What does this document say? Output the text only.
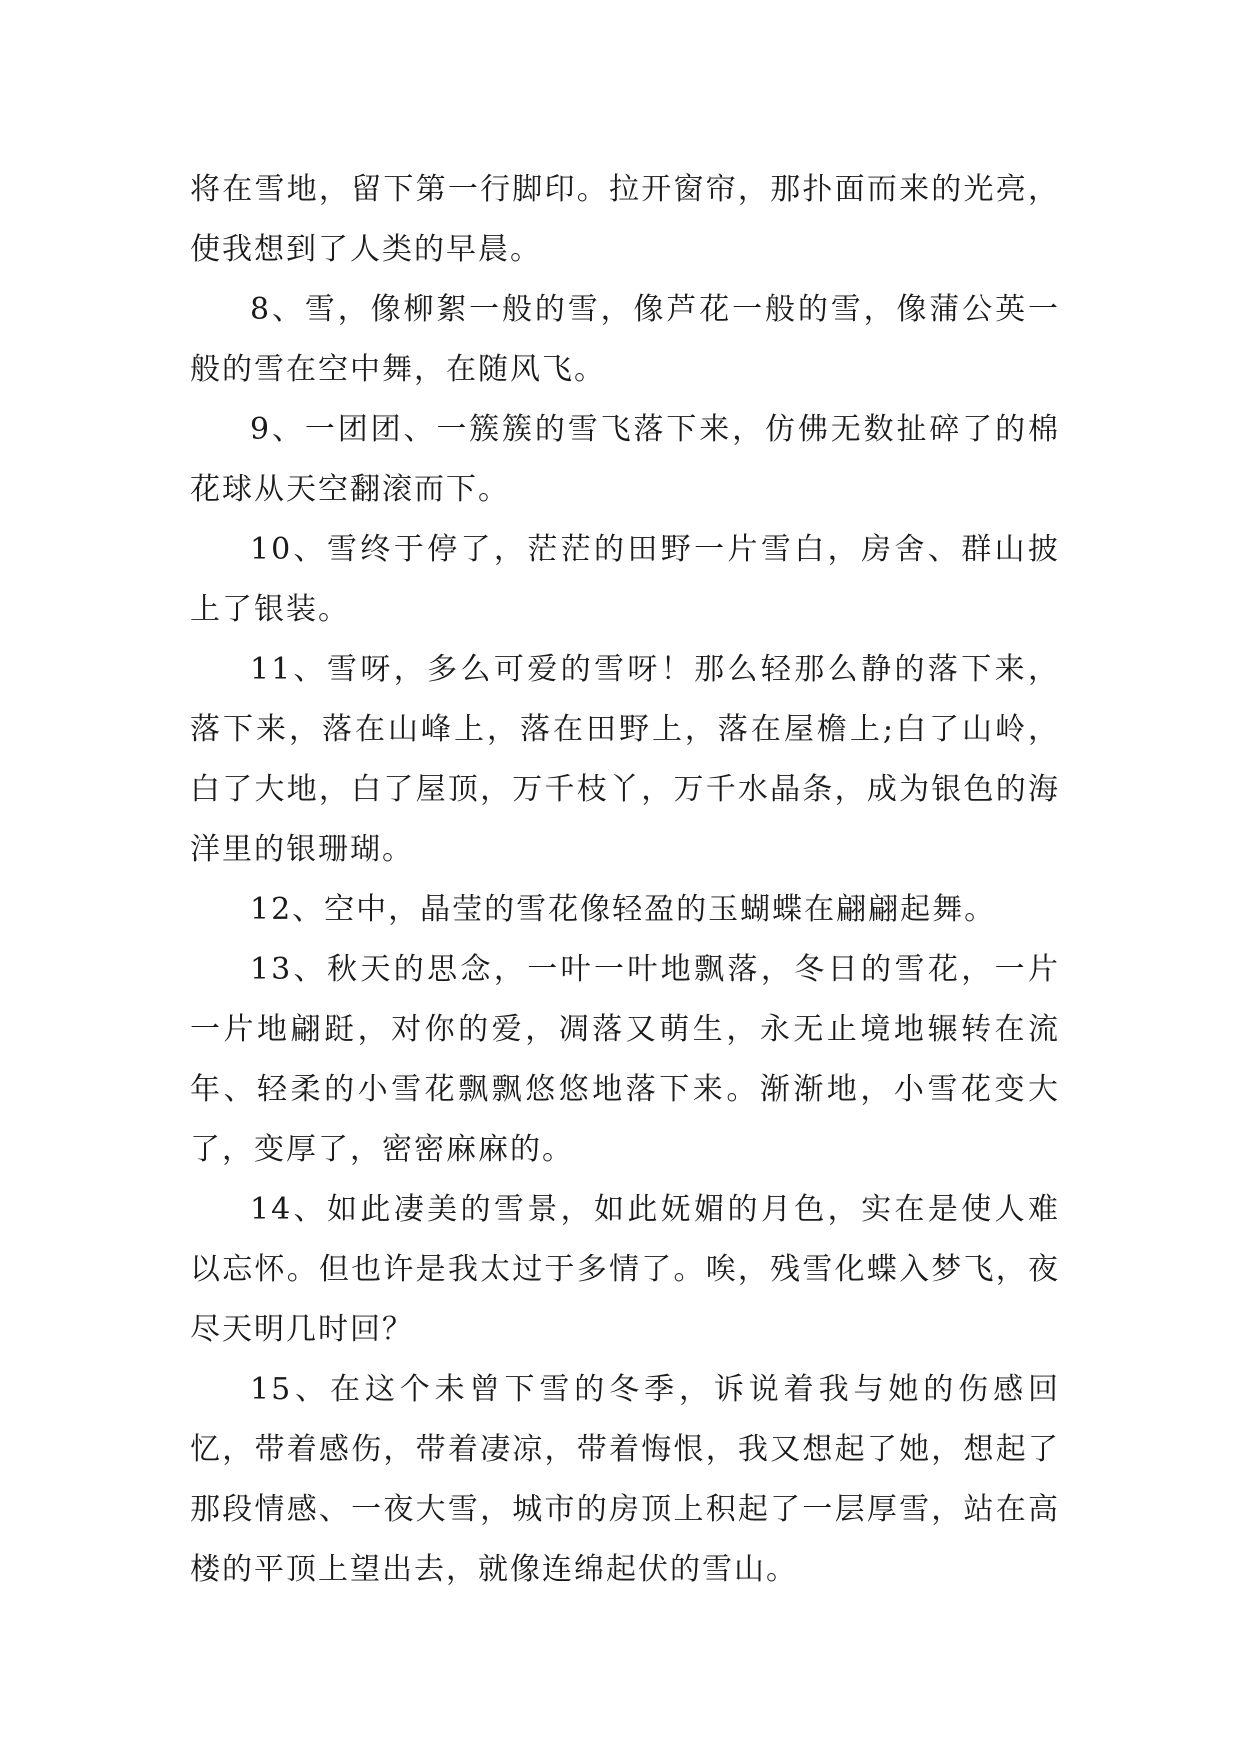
将在雪地，留下第一行脚印。拉开窗帘，那扑面而来的光亮，使我想到了人类的早晨。

8、雪，像柳絮一般的雪，像芦花一般的雪，像蒲公英一般的雪在空中舞，在随风飞。

9、一团团、一簇簇的雪飞落下来，仿佛无数扯碎了的棉花球从天空翻滚而下。

10、雪终于停了，茫茫的田野一片雪白，房舍、群山披上了银装。

11、雪呀，多么可爱的雪呀！那么轻那么静的落下来，落下来，落在山峰上，落在田野上，落在屋檐上;白了山岭，白了大地，白了屋顶，万千枝丫，万千水晶条，成为银色的海洋里的银珊瑚。

12、空中，晶莹的雪花像轻盈的玉蝴蝶在翩翩起舞。

13、秋天的思念，一叶一叶地飘落，冬日的雪花，一片一片地翩跹，对你的爱，凋落又萌生，永无止境地辗转在流年、轻柔的小雪花飘飘悠悠地落下来。渐渐地，小雪花变大了，变厚了，密密麻麻的。

14、如此凄美的雪景，如此妩媚的月色，实在是使人难以忘怀。但也许是我太过于多情了。唉，残雪化蝶入梦飞，夜尽天明几时回？

15、在这个未曾下雪的冬季，诉说着我与她的伤感回忆，带着感伤，带着凄凉，带着悔恨，我又想起了她，想起了那段情感、一夜大雪，城市的房顶上积起了一层厚雪，站在高楼的平顶上望出去，就像连绵起伏的雪山。
